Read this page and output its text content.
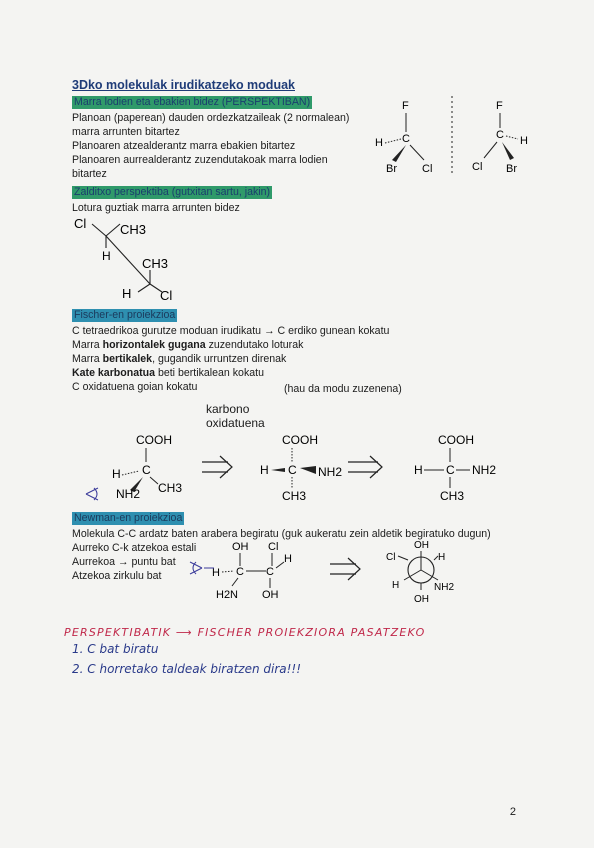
3Dko molekulak irudikatzeko moduak
Marra lodien eta ebakien bidez (PERSPEKTIBAN)
Planoan (paperean) dauden ordezkatzaileak (2 normalean)
marra arrunten bitartez
Planoaren atzealderantz marra ebakien bitartez
Planoaren aurrealderantz zuzendutakoak marra lodien
bitartez
F
C
H
Br Cl
F
C H
Cl Br
Zalditxo perspektiba (gutxitan sartu, jakin)
Lotura guztiak marra arrunten bidez
Cl	CH3
H CH3
H Cl
Fischer-en proiekzioa
C tetraedrikoa gurutze moduan irudikatu → C erdiko gunean kokatu
Marra horizontalek gugana zuzendutako loturak
Marra bertikalek, gugandik urruntzen direnak
Kate karbonatua beti bertikalean kokatu
C oxidatuena goian kokatu	(hau da modu zuzenena)
karbono
oxidatuena
COOH
C
H
NH2 CH3
COOH
C
H	NH2
CH3
COOH
H C NH2
CH3
Newman-en proiekzioa
Molekula C-C ardatz baten arabera begiratu (guk aukeratu zein aldetik begiratuko dugun)
Aurreko C-k atzekoa estali
Aurrekoa → puntu bat
Atzekoa zirkulu bat
OH Cl
H C C
H
H2N OH
OH
Cl	H
H	NH2
OH
PERSPEKTIBATIK ⟶ FISCHER PROIEKZIORA PASATZEKO
1. C bat biratu
2. C horretako taldeak biratzen dira!!!
2
